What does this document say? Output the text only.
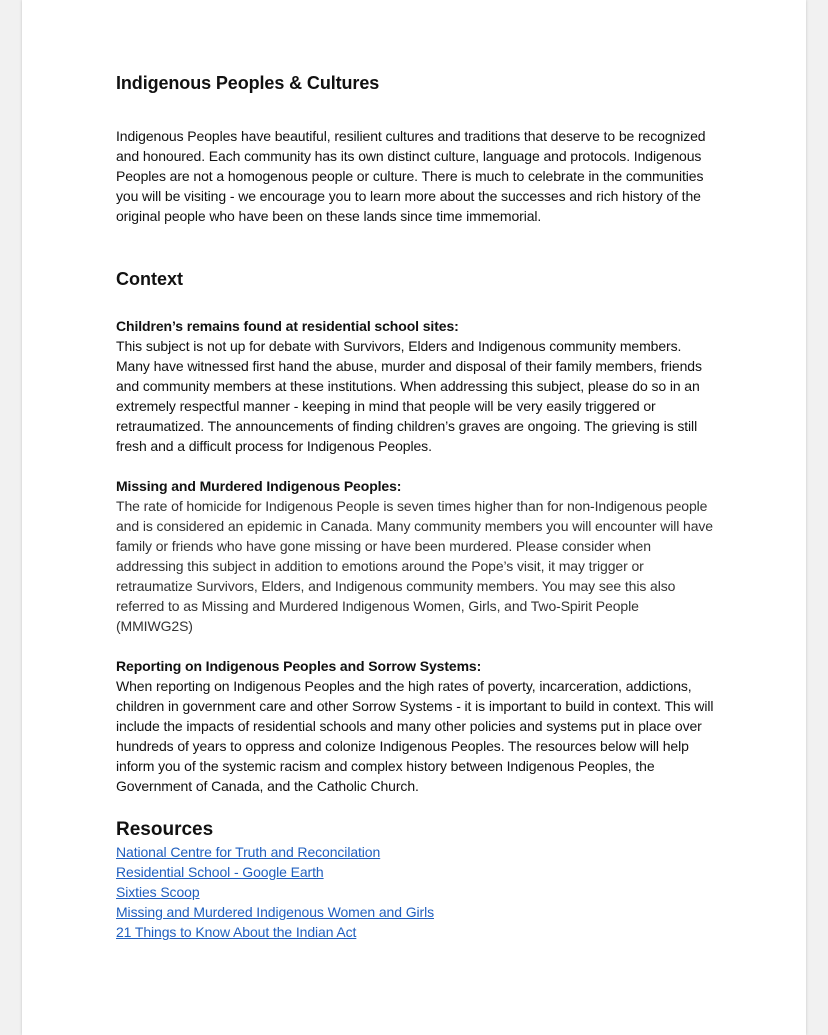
Indigenous Peoples & Cultures

Indigenous Peoples have beautiful, resilient cultures and traditions that deserve to be recognized and honoured. Each community has its own distinct culture, language and protocols. Indigenous Peoples are not a homogenous people or culture. There is much to celebrate in the communities you will be visiting - we encourage you to learn more about the successes and rich history of the original people who have been on these lands since time immemorial.

Context
Children’s remains found at residential school sites:
This subject is not up for debate with Survivors, Elders and Indigenous community members. Many have witnessed first hand the abuse, murder and disposal of their family members, friends and community members at these institutions. When addressing this subject, please do so in an extremely respectful manner - keeping in mind that people will be very easily triggered or retraumatized. The announcements of finding children’s graves are ongoing. The grieving is still fresh and a difficult process for Indigenous Peoples.
Missing and Murdered Indigenous Peoples:
The rate of homicide for Indigenous People is seven times higher than for non-Indigenous people and is considered an epidemic in Canada. Many community members you will encounter will have family or friends who have gone missing or have been murdered. Please consider when addressing this subject in addition to emotions around the Pope’s visit, it may trigger or retraumatize Survivors, Elders, and Indigenous community members. You may see this also referred to as Missing and Murdered Indigenous Women, Girls, and Two-Spirit People (MMIWG2S)
Reporting on Indigenous Peoples and Sorrow Systems:
When reporting on Indigenous Peoples and the high rates of poverty, incarceration, addictions, children in government care and other Sorrow Systems - it is important to build in context. This will include the impacts of residential schools and many other policies and systems put in place over hundreds of years to oppress and colonize Indigenous Peoples. The resources below will help inform you of the systemic racism and complex history between Indigenous Peoples, the Government of Canada, and the Catholic Church.
Resources
National Centre for Truth and Reconcilation
Residential School - Google Earth
Sixties Scoop
Missing and Murdered Indigenous Women and Girls
21 Things to Know About the Indian Act
